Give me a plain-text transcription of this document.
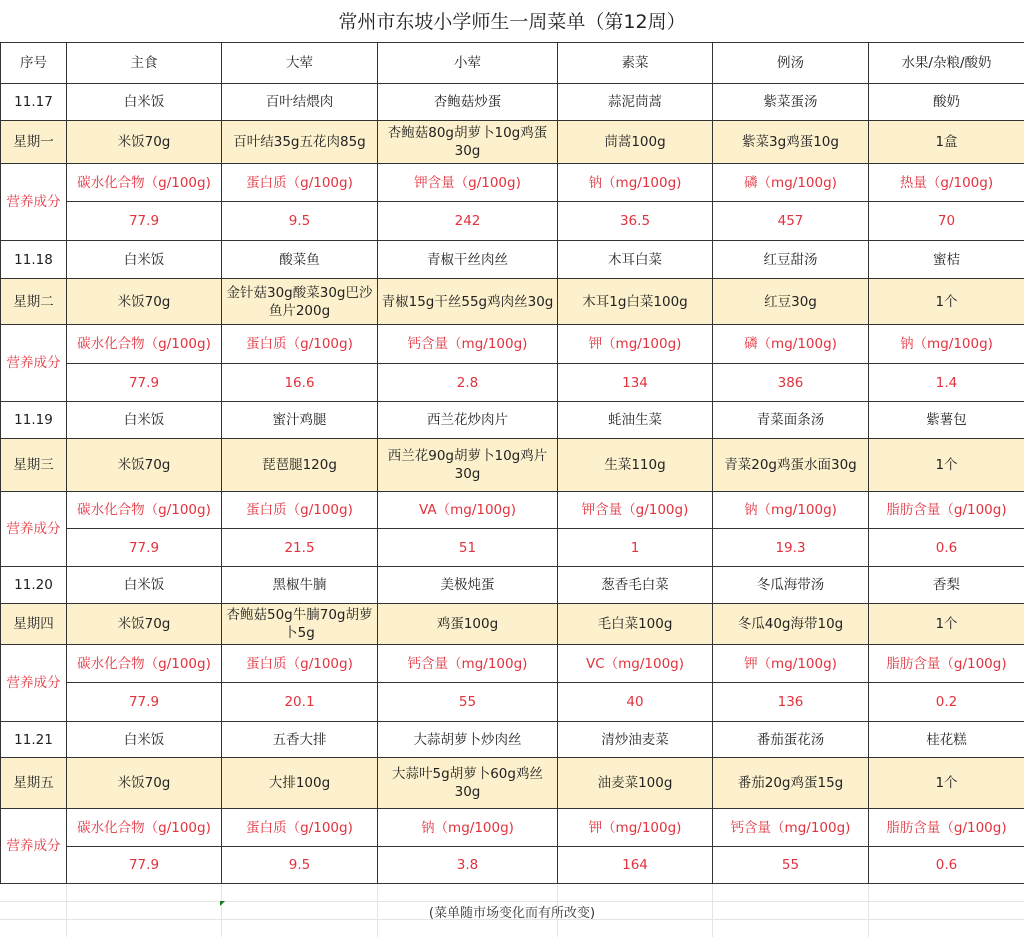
常州市东坡小学师生一周菜单（第12周）
序号	主食	大荤	小荤	素菜	例汤	水果/杂粮/酸奶
11.17	白米饭	百叶结煨肉	杏鲍菇炒蛋	蒜泥茼蒿	紫菜蛋汤	酸奶
星期一	米饭70g	百叶结35g五花肉85g	杏鲍菇80g胡萝卜10g鸡蛋30g	茼蒿100g	紫菜3g鸡蛋10g	1盒
营养成分	碳水化合物（g/100g)	蛋白质（g/100g)	钾含量（g/100g)	钠（mg/100g)	磷（mg/100g)	热量（g/100g)
	77.9	9.5	242	36.5	457	70
11.18	白米饭	酸菜鱼	青椒干丝肉丝	木耳白菜	红豆甜汤	蜜桔
星期二	米饭70g	金针菇30g酸菜30g巴沙鱼片200g	青椒15g干丝55g鸡肉丝30g	木耳1g白菜100g	红豆30g	1个
营养成分	碳水化合物（g/100g)	蛋白质（g/100g)	钙含量（mg/100g)	钾（mg/100g)	磷（mg/100g)	钠（mg/100g)
	77.9	16.6	2.8	134	386	1.4
11.19	白米饭	蜜汁鸡腿	西兰花炒肉片	蚝油生菜	青菜面条汤	紫薯包
星期三	米饭70g	琵琶腿120g	西兰花90g胡萝卜10g鸡片30g	生菜110g	青菜20g鸡蛋水面30g	1个
营养成分	碳水化合物（g/100g)	蛋白质（g/100g)	VA（mg/100g)	钾含量（g/100g)	钠（mg/100g)	脂肪含量（g/100g)
	77.9	21.5	51	1	19.3	0.6
11.20	白米饭	黑椒牛腩	美极炖蛋	葱香毛白菜	冬瓜海带汤	香梨
星期四	米饭70g	杏鲍菇50g牛腩70g胡萝卜5g	鸡蛋100g	毛白菜100g	冬瓜40g海带10g	1个
营养成分	碳水化合物（g/100g)	蛋白质（g/100g)	钙含量（mg/100g)	VC（mg/100g)	钾（mg/100g)	脂肪含量（g/100g)
	77.9	20.1	55	40	136	0.2
11.21	白米饭	五香大排	大蒜胡萝卜炒肉丝	清炒油麦菜	番茄蛋花汤	桂花糕
星期五	米饭70g	大排100g	大蒜叶5g胡萝卜60g鸡丝30g	油麦菜100g	番茄20g鸡蛋15g	1个
营养成分	碳水化合物（g/100g)	蛋白质（g/100g)	钠（mg/100g)	钾（mg/100g)	钙含量（mg/100g)	脂肪含量（g/100g)
	77.9	9.5	3.8	164	55	0.6
(菜单随市场变化而有所改变)
